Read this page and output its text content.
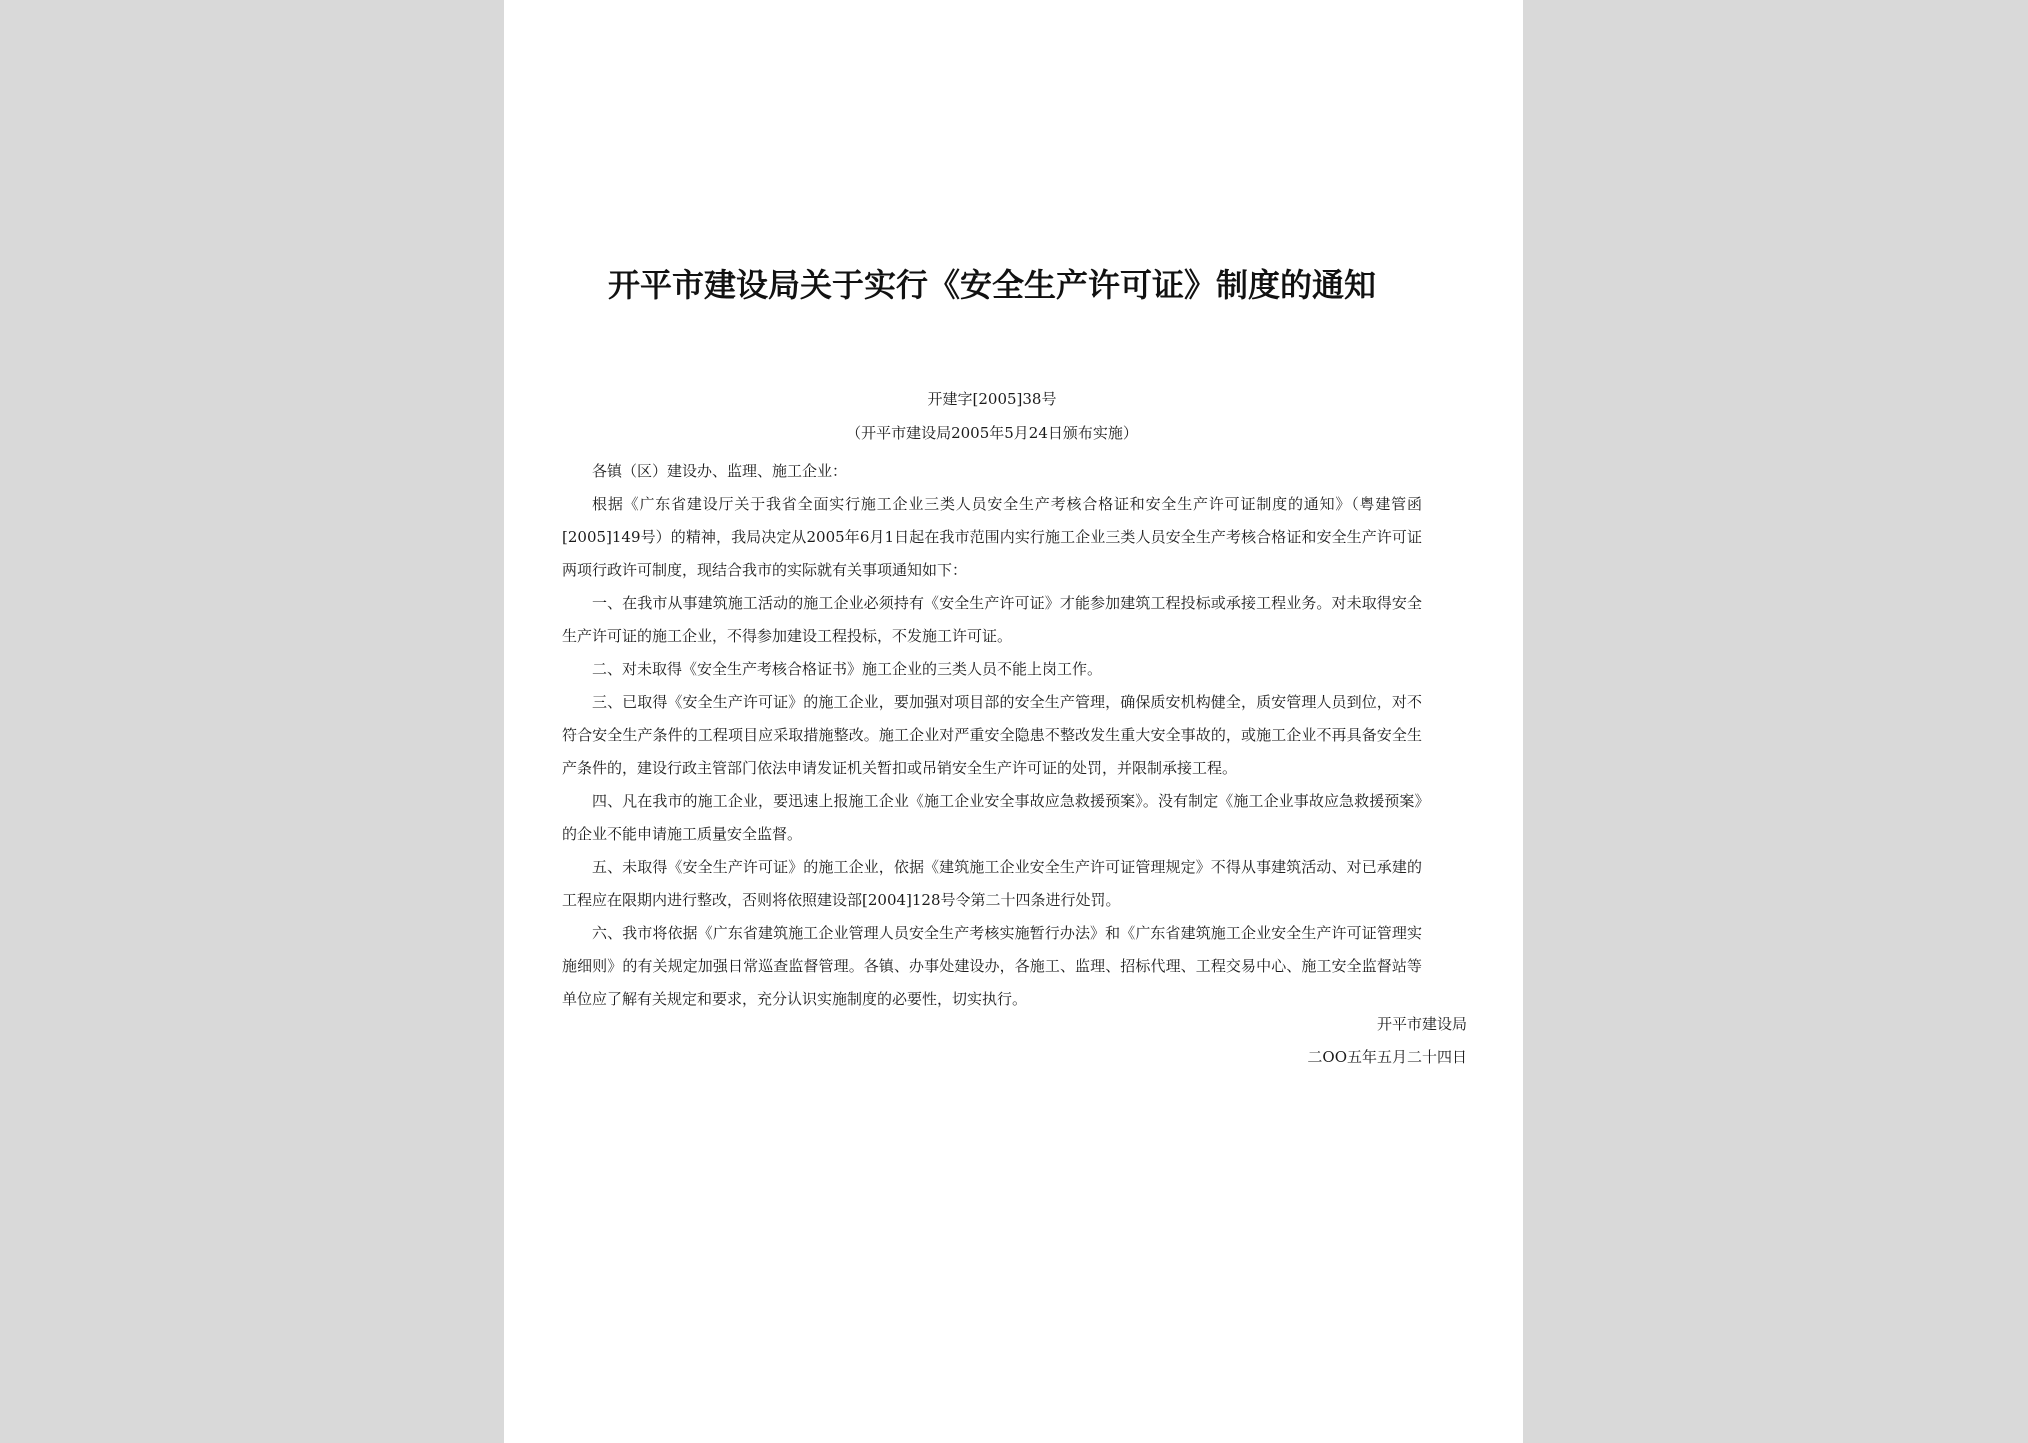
开平市建设局关于实行《安全生产许可证》制度的通知

开建字[2005]38号

（开平市建设局2005年5月24日颁布实施）

各镇（区）建设办、监理、施工企业：

根据《广东省建设厅关于我省全面实行施工企业三类人员安全生产考核合格证和安全生产许可证制度的通知》（粤建管函[2005]149号）的精神，我局决定从2005年6月1日起在我市范围内实行施工企业三类人员安全生产考核合格证和安全生产许可证两项行政许可制度，现结合我市的实际就有关事项通知如下：

一、在我市从事建筑施工活动的施工企业必须持有《安全生产许可证》才能参加建筑工程投标或承接工程业务。对未取得安全生产许可证的施工企业，不得参加建设工程投标，不发施工许可证。

二、对未取得《安全生产考核合格证书》施工企业的三类人员不能上岗工作。

三、已取得《安全生产许可证》的施工企业，要加强对项目部的安全生产管理，确保质安机构健全，质安管理人员到位，对不符合安全生产条件的工程项目应采取措施整改。施工企业对严重安全隐患不整改发生重大安全事故的，或施工企业不再具备安全生产条件的，建设行政主管部门依法申请发证机关暂扣或吊销安全生产许可证的处罚，并限制承接工程。

四、凡在我市的施工企业，要迅速上报施工企业《施工企业安全事故应急救援预案》。没有制定《施工企业事故应急救援预案》的企业不能申请施工质量安全监督。

五、未取得《安全生产许可证》的施工企业，依据《建筑施工企业安全生产许可证管理规定》不得从事建筑活动、对已承建的工程应在限期内进行整改，否则将依照建设部[2004]128号令第二十四条进行处罚。

六、我市将依据《广东省建筑施工企业管理人员安全生产考核实施暂行办法》和《广东省建筑施工企业安全生产许可证管理实施细则》的有关规定加强日常巡查监督管理。各镇、办事处建设办，各施工、监理、招标代理、工程交易中心、施工安全监督站等单位应了解有关规定和要求，充分认识实施制度的必要性，切实执行。

开平市建设局

二OO五年五月二十四日
